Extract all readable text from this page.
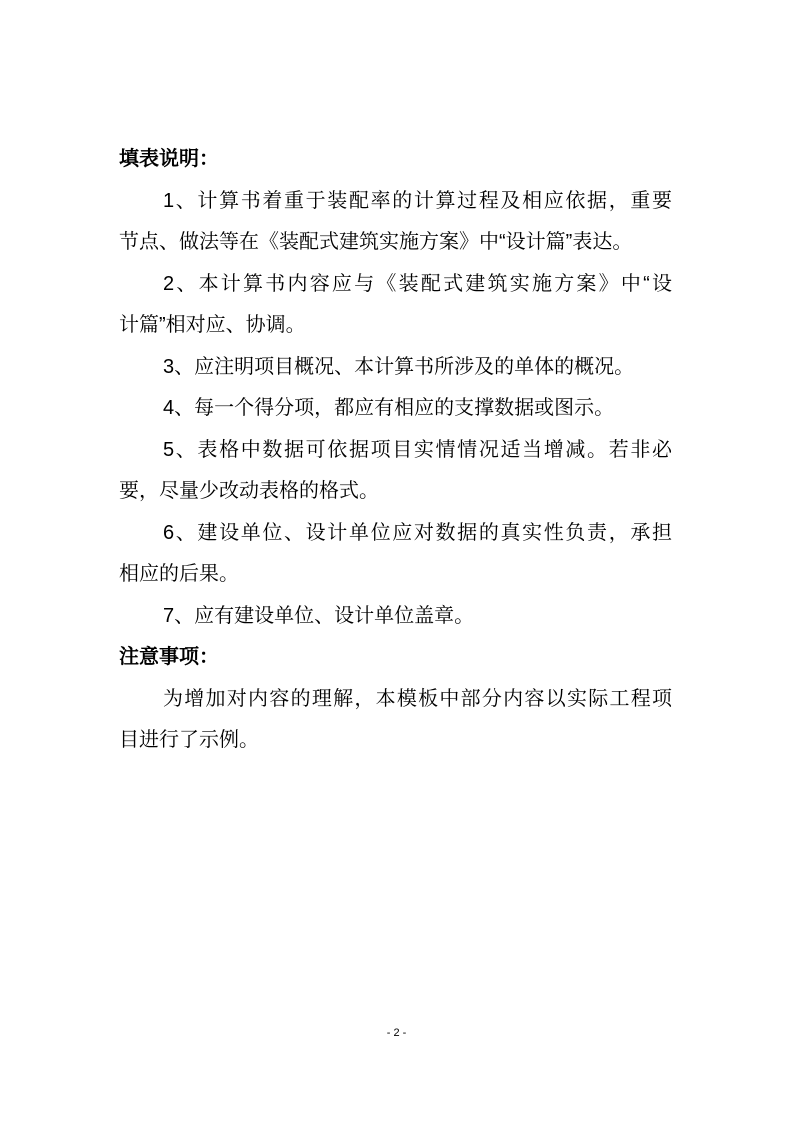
填表说明：
1、计算书着重于装配率的计算过程及相应依据，重要
节点、做法等在《装配式建筑实施方案》中“设计篇”表达。
2、本计算书内容应与《装配式建筑实施方案》中“设
计篇”相对应、协调。
3、应注明项目概况、本计算书所涉及的单体的概况。
4、每一个得分项，都应有相应的支撑数据或图示。
5、表格中数据可依据项目实情情况适当增减。若非必
要，尽量少改动表格的格式。
6、建设单位、设计单位应对数据的真实性负责，承担
相应的后果。
7、应有建设单位、设计单位盖章。
注意事项：
为增加对内容的理解，本模板中部分内容以实际工程项
目进行了示例。
- 2 -
